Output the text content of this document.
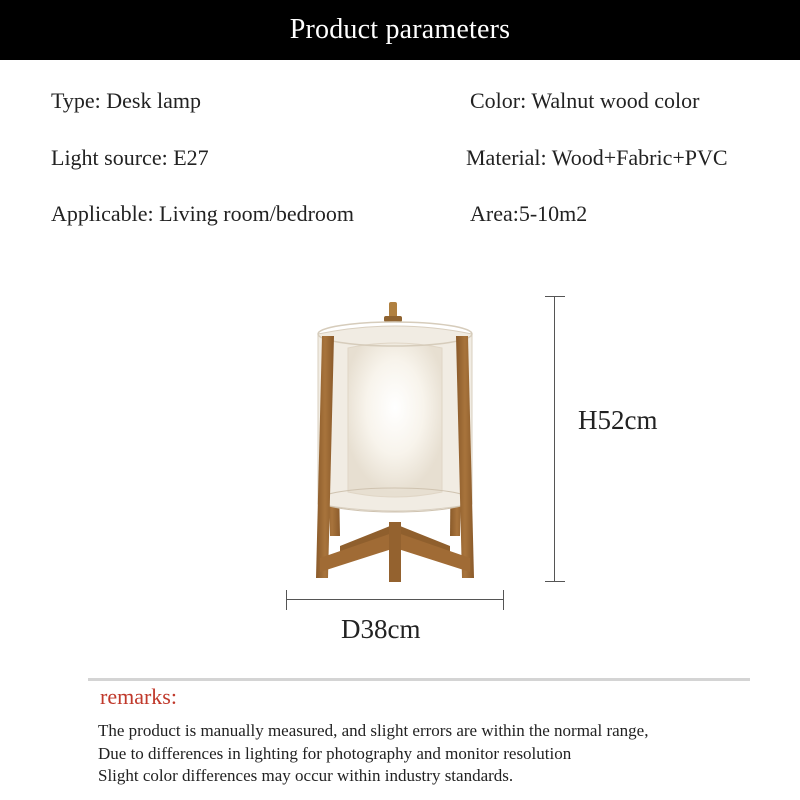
Product parameters
Type: Desk lamp	Color: Walnut wood color
Light source: E27	Material: Wood+Fabric+PVC
Applicable: Living room/bedroom	Area:5-10m2
H52cm
D38cm
remarks:
The product is manually measured, and slight errors are within the normal range,
Due to differences in lighting for photography and monitor resolution
Slight color differences may occur within industry standards.
